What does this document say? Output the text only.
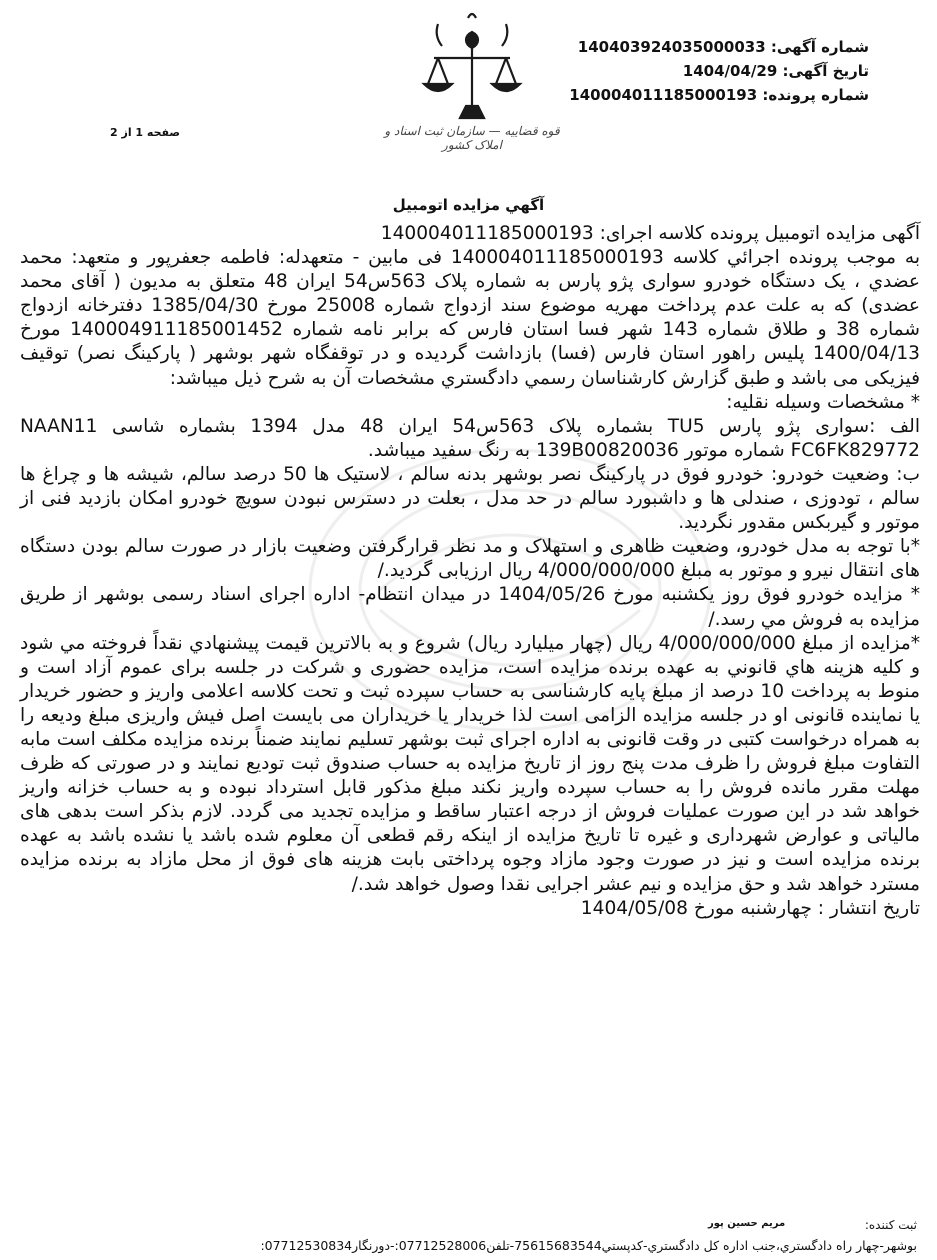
شماره آگهی: 140403924035000033
تاریخ آگهی: 1404/04/29
شماره پرونده: 140004011185000193
قوه قضاییه — سازمان ثبت اسناد و املاک کشور
صفحه 1 از 2
آگهي مزايده اتومبيل

آگهی مزایده اتومبیل پرونده کلاسه اجرای: 140004011185000193

به موجب پرونده اجرائي كلاسه 140004011185000193 فی مابین - متعهدله: فاطمه جعفرپور و متعهد: محمد عضدي ، یک دستگاه خودرو سواری پژو پارس به شماره پلاک 563س54 ایران 48 متعلق به مدیون ( آقای محمد عضدی) که به علت عدم پرداخت مهریه موضوع سند ازدواج شماره 25008 مورخ 1385/04/30 دفترخانه ازدواج شماره 38 و طلاق شماره 143 شهر فسا استان فارس که برابر نامه شماره 140004911185001452 مورخ 1400/04/13 پلیس راهور استان فارس (فسا) بازداشت گردیده و در توقفگاه شهر بوشهر ( پارکینگ نصر) توقیف فیزیکی می باشد و طبق گزارش کارشناسان رسمي دادگستري مشخصات آن به شرح ذیل میباشد:

* مشخصات وسیله نقلیه:

الف :سواری پژو پارس TU5 بشماره پلاک 563س54 ایران 48 مدل 1394 بشماره شاسی NAAN11 FC6FK829772 شماره موتور 139B00820036 به رنگ سفید میباشد.

ب: وضعیت خودرو: خودرو فوق در پارکینگ نصر بوشهر بدنه سالم ، لاستیک ها 50 درصد سالم، شیشه ها و چراغ ها سالم ، تودوزی ، صندلی ها و داشبورد سالم در حد مدل ، بعلت در دسترس نبودن سویچ خودرو امکان بازدید فنی از موتور و گیربکس مقدور نگردید.

*با توجه به مدل خودرو، وضعیت ظاهری و استهلاک و مد نظر قرارگرفتن وضعیت بازار در صورت سالم بودن دستگاه های انتقال نیرو و موتور به مبلغ 4/000/000/000 ریال ارزیابی گردید./

* مزایده خودرو فوق روز یکشنبه مورخ 1404/05/26 در میدان انتظام- اداره اجرای اسناد رسمی بوشهر از طريق مزایده به فروش مي رسد./

*مزایده از مبلغ 4/000/000/000 ریال (چهار میلیارد ریال) شروع و به بالاترین قیمت پیشنهادي نقداً فروخته مي شود و كليه هزينه هاي قانوني به عهده برنده مزايده است، مزایده حضوری و شرکت در جلسه برای عموم آزاد است و منوط به پرداخت 10 درصد از مبلغ پایه کارشناسی به حساب سپرده ثبت و تحت کلاسه اعلامی واریز و حضور خریدار یا نماینده قانونی او در جلسه مزایده الزامی است لذا خریدار یا خریداران می بایست اصل فیش واریزی مبلغ ودیعه را به همراه درخواست کتبی در وقت قانونی به اداره اجرای ثبت بوشهر تسلیم نمایند ضمناً برنده مزایده مکلف است مابه التفاوت مبلغ فروش را ظرف مدت پنج روز از تاریخ مزایده به حساب صندوق ثبت تودیع نمایند و در صورتی که ظرف مهلت مقرر مانده فروش را به حساب سپرده واریز نکند مبلغ مذکور قابل استرداد نبوده و به حساب خزانه واریز خواهد شد در این صورت عملیات فروش از درجه اعتبار ساقط و مزایده تجدید می گردد. لازم بذکر است بدهی های مالیاتی و عوارض شهرداری و غیره تا تاریخ مزایده از اینکه رقم قطعی آن معلوم شده باشد یا نشده باشد به عهده برنده مزایده است و نیز در صورت وجود مازاد وجوه پرداختی بابت هزینه های فوق از محل مازاد به برنده مزایده مسترد خواهد شد و حق مزایده و نیم عشر اجرایی نقدا وصول خواهد شد./

تاریخ انتشار : چهارشنبه مورخ 1404/05/08

ثبت كننده:
مریم حسین پور
بوشهر-چهار راه دادگستري،جنب اداره كل دادگستري-كدپستي75615683544-تلفن07712528006:-دورنگار07712530834:
